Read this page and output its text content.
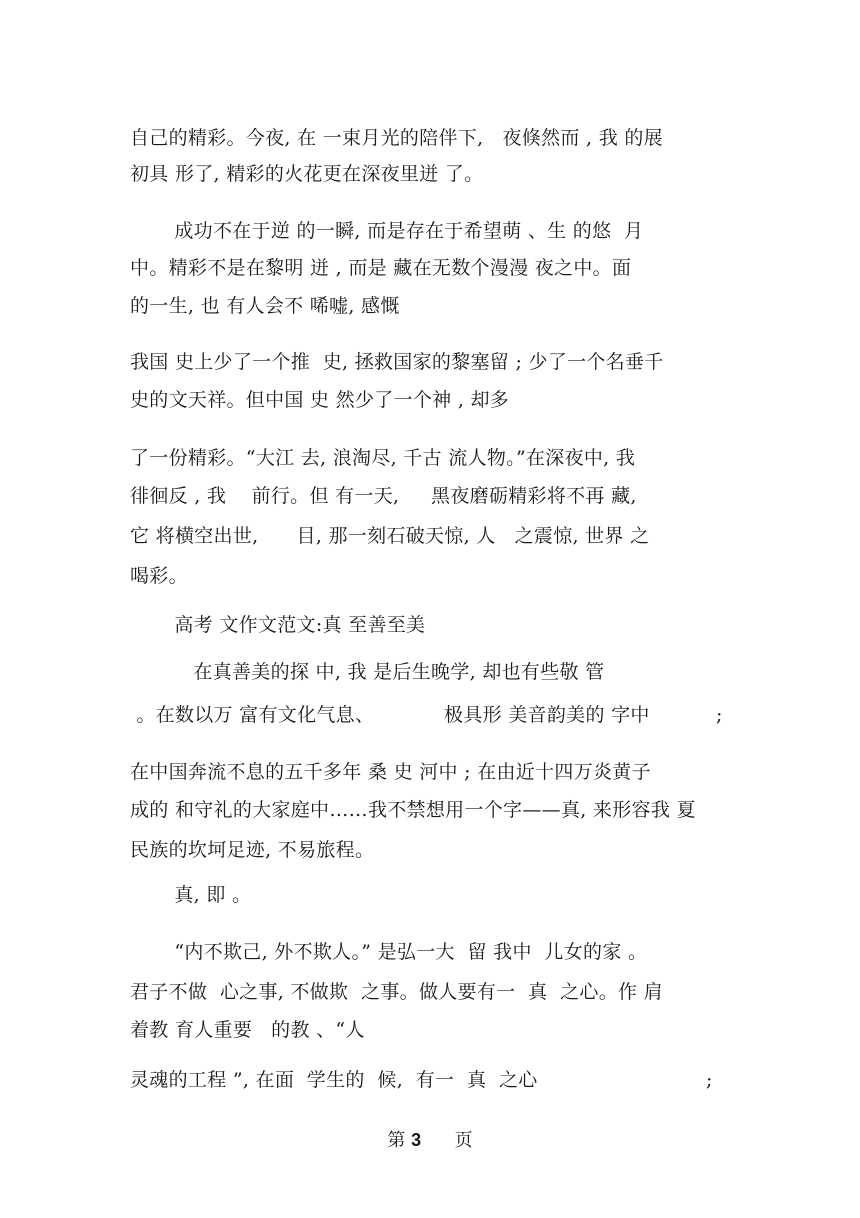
自己的精彩。今夜, 在 一束月光的陪伴下,   夜倏然而 , 我 的展
初具 形了, 精彩的火花更在深夜里迸 了。
成功不在于逆 的一瞬, 而是存在于希望萌 、生 的悠  月
中。精彩不是在黎明 迸 , 而是 藏在无数个漫漫 夜之中。面
的一生, 也 有人会不 唏嘘, 感慨
我国 史上少了一个推  史, 拯救国家的黎塞留 ; 少了一个名垂千
史的文天祥。但中国 史 然少了一个神 , 却多
了一份精彩。“大江 去, 浪淘尽, 千古 流人物。”在深夜中, 我
徘徊反 , 我    前行。但 有一天,     黑夜磨砺精彩将不再 藏,
它 将横空出世,      目, 那一刻石破天惊, 人   之震惊, 世界 之
喝彩。
高考 文作文范文:真 至善至美
在真善美的探 中, 我 是后生晚学, 却也有些敬 管
。在数以万 富有文化气息、           极具形 美音韵美的 字中	;
在中国奔流不息的五千多年 桑 史 河中 ; 在由近十四万炎黄子
成的 和守礼的大家庭中……我不禁想用一个字——真, 来形容我 夏
民族的坎坷足迹, 不易旅程。
真, 即 。
“内不欺己, 外不欺人。” 是弘一大  留 我中  儿女的家 。
君子不做  心之事, 不做欺  之事。做人要有一  真  之心。作 肩
着教 育人重要   的教 、“人
灵魂的工程 ”, 在面  学生的  候,  有一  真  之心	;
第 3 页
